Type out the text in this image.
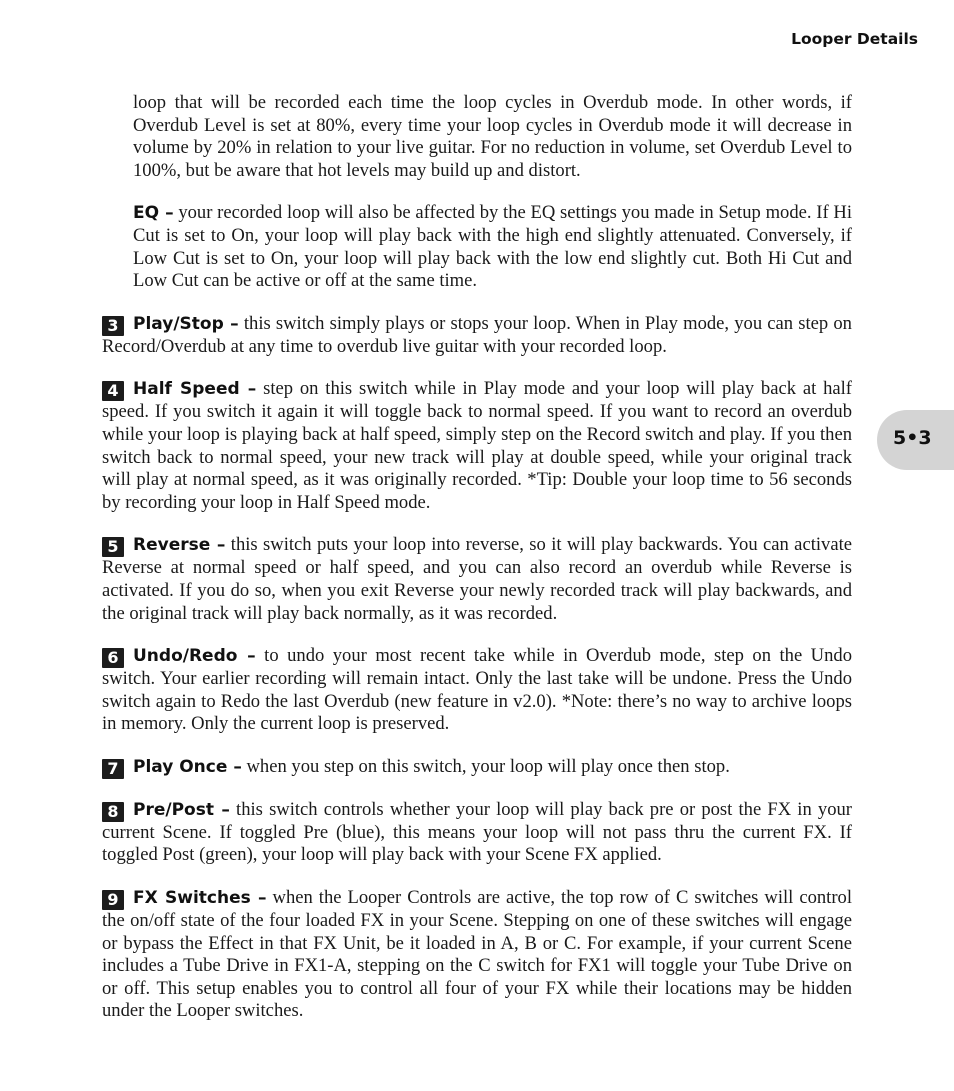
Looper Details
5•3

loop that will be recorded each time the loop cycles in Overdub mode. In other words, if Overdub Level is set at 80%, every time your loop cycles in Overdub mode it will decrease in volume by 20% in relation to your live guitar. For no reduction in volume, set Overdub Level to 100%, but be aware that hot levels may build up and distort.

EQ – your recorded loop will also be affected by the EQ settings you made in Setup mode. If Hi Cut is set to On, your loop will play back with the high end slightly attenuated. Conversely, if Low Cut is set to On, your loop will play back with the low end slightly cut. Both Hi Cut and Low Cut can be active or off at the same time.

3 Play/Stop – this switch simply plays or stops your loop. When in Play mode, you can step on Record/Overdub at any time to overdub live guitar with your recorded loop.

4 Half Speed – step on this switch while in Play mode and your loop will play back at half speed. If you switch it again it will toggle back to normal speed. If you want to record an overdub while your loop is playing back at half speed, simply step on the Record switch and play. If you then switch back to normal speed, your new track will play at double speed, while your original track will play at normal speed, as it was originally recorded. *Tip: Double your loop time to 56 seconds by recording your loop in Half Speed mode.

5 Reverse – this switch puts your loop into reverse, so it will play backwards. You can activate Reverse at normal speed or half speed, and you can also record an overdub while Reverse is activated. If you do so, when you exit Reverse your newly recorded track will play backwards, and the original track will play back normally, as it was recorded.

6 Undo/Redo – to undo your most recent take while in Overdub mode, step on the Undo switch. Your earlier recording will remain intact. Only the last take will be undone. Press the Undo switch again to Redo the last Overdub (new feature in v2.0). *Note: there’s no way to archive loops in memory. Only the current loop is preserved.

7 Play Once – when you step on this switch, your loop will play once then stop.

8 Pre/Post – this switch controls whether your loop will play back pre or post the FX in your current Scene. If toggled Pre (blue), this means your loop will not pass thru the current FX. If toggled Post (green), your loop will play back with your Scene FX applied.

9 FX Switches – when the Looper Controls are active, the top row of C switches will control the on/off state of the four loaded FX in your Scene. Stepping on one of these switches will engage or bypass the Effect in that FX Unit, be it loaded in A, B or C. For example, if your current Scene includes a Tube Drive in FX1-A, stepping on the C switch for FX1 will toggle your Tube Drive on or off. This setup enables you to control all four of your FX while their locations may be hidden under the Looper switches.
